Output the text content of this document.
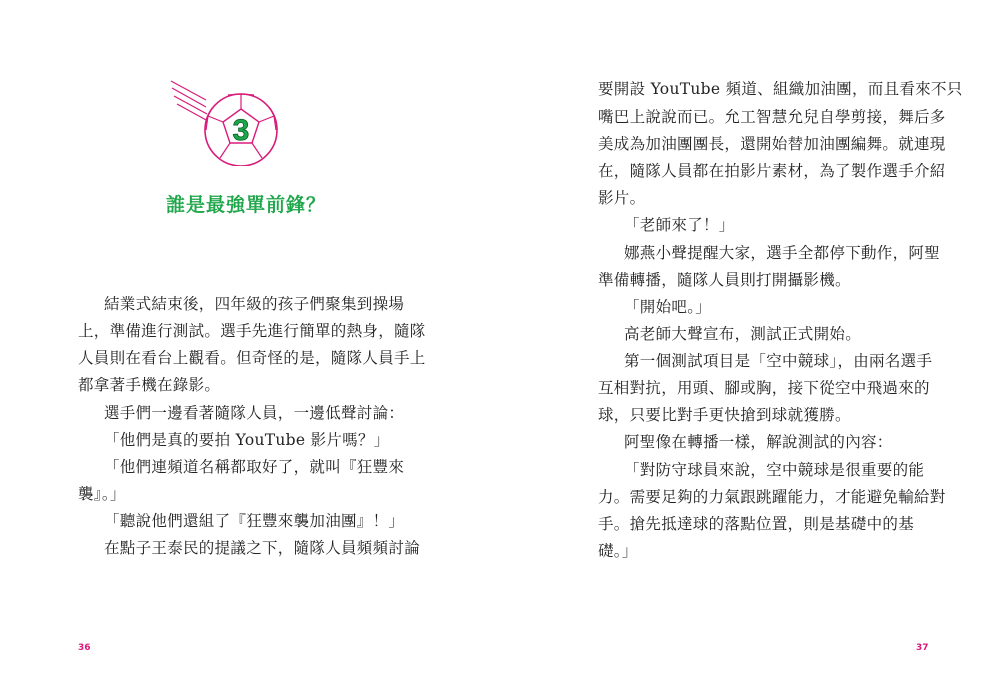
3
誰是最強單前鋒？
結業式結束後，四年級的孩子們聚集到操場
上，準備進行測試。選手先進行簡單的熱身，隨隊
人員則在看台上觀看。但奇怪的是，隨隊人員手上
都拿著手機在錄影。
選手們一邊看著隨隊人員，一邊低聲討論：
「他們是真的要拍 YouTube 影片嗎？」
「他們連頻道名稱都取好了，就叫『狂豐來
襲』。」
「聽說他們還組了『狂豐來襲加油團』！」
在點子王泰民的提議之下，隨隊人員頻頻討論
36
要開設 YouTube 頻道、組織加油團，而且看來不只
嘴巴上說說而已。允工智慧允兒自學剪接，舞后多
美成為加油團團長，還開始替加油團編舞。就連現
在，隨隊人員都在拍影片素材，為了製作選手介紹
影片。
「老師來了！」
娜燕小聲提醒大家，選手全都停下動作，阿聖
準備轉播，隨隊人員則打開攝影機。
「開始吧。」
高老師大聲宣布，測試正式開始。
第一個測試項目是「空中競球」，由兩名選手
互相對抗，用頭、腳或胸，接下從空中飛過來的
球，只要比對手更快搶到球就獲勝。
阿聖像在轉播一樣，解說測試的內容：
「對防守球員來說，空中競球是很重要的能
力。需要足夠的力氣跟跳躍能力，才能避免輸給對
手。搶先抵達球的落點位置，則是基礎中的基
礎。」
37
